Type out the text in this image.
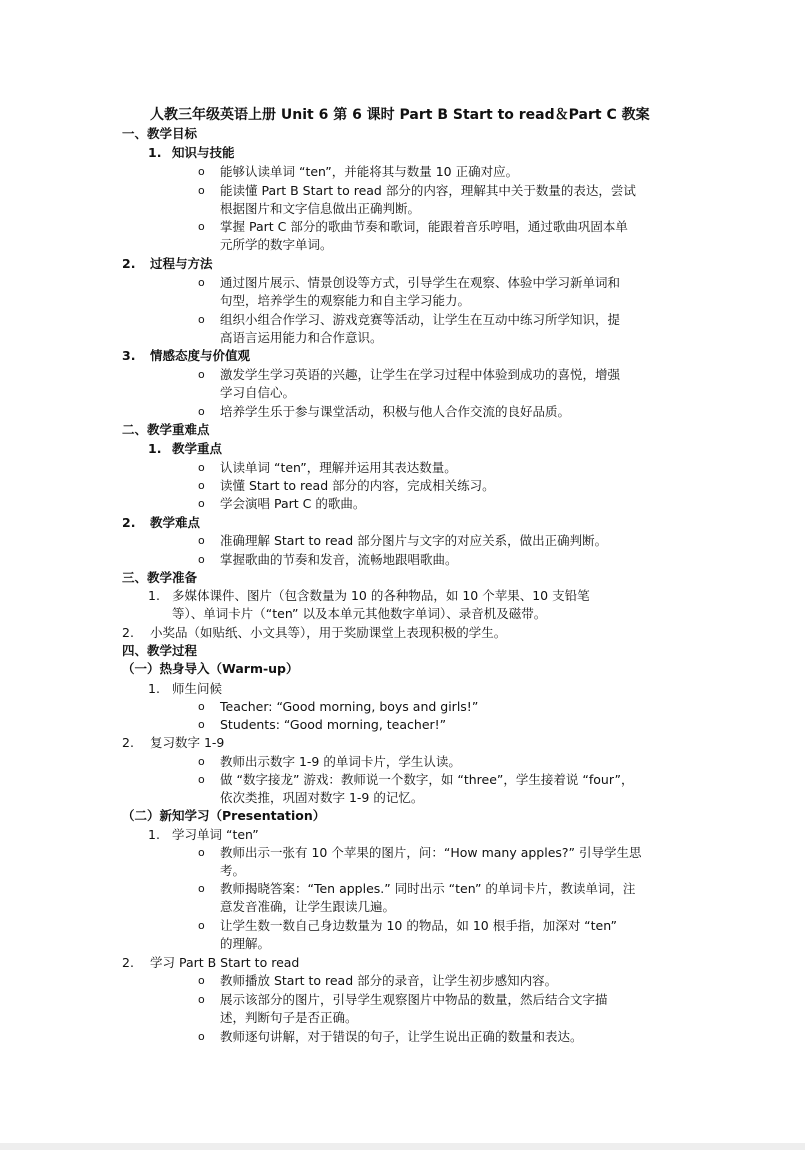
人教三年级英语上册 Unit 6 第 6 课时 Part B Start to read＆Part C 教案
一、教学目标
1. 知识与技能
o 能够认读单词 “ten”，并能将其与数量 10 正确对应。
o 能读懂 Part B Start to read 部分的内容，理解其中关于数量的表达，尝试
根据图片和文字信息做出正确判断。
o 掌握 Part C 部分的歌曲节奏和歌词，能跟着音乐哼唱，通过歌曲巩固本单
元所学的数字单词。
2. 过程与方法
o 通过图片展示、情景创设等方式，引导学生在观察、体验中学习新单词和
句型，培养学生的观察能力和自主学习能力。
o 组织小组合作学习、游戏竞赛等活动，让学生在互动中练习所学知识，提
高语言运用能力和合作意识。
3. 情感态度与价值观
o 激发学生学习英语的兴趣，让学生在学习过程中体验到成功的喜悦，增强
学习自信心。
o 培养学生乐于参与课堂活动，积极与他人合作交流的良好品质。
二、教学重难点
1. 教学重点
o 认读单词 “ten”，理解并运用其表达数量。
o 读懂 Start to read 部分的内容，完成相关练习。
o 学会演唱 Part C 的歌曲。
2. 教学难点
o 准确理解 Start to read 部分图片与文字的对应关系，做出正确判断。
o 掌握歌曲的节奏和发音，流畅地跟唱歌曲。
三、教学准备
1. 多媒体课件、图片（包含数量为 10 的各种物品，如 10 个苹果、10 支铅笔
等）、单词卡片（“ten” 以及本单元其他数字单词）、录音机及磁带。
2. 小奖品（如贴纸、小文具等），用于奖励课堂上表现积极的学生。
四、教学过程
（一）热身导入（Warm-up）
1. 师生问候
o Teacher: “Good morning, boys and girls!”
o Students: “Good morning, teacher!”
2. 复习数字 1-9
o 教师出示数字 1-9 的单词卡片，学生认读。
o 做 “数字接龙” 游戏：教师说一个数字，如 “three”，学生接着说 “four”，
依次类推，巩固对数字 1-9 的记忆。
（二）新知学习（Presentation）
1. 学习单词 “ten”
o 教师出示一张有 10 个苹果的图片，问：“How many apples?” 引导学生思
考。
o 教师揭晓答案：“Ten apples.” 同时出示 “ten” 的单词卡片，教读单词，注
意发音准确，让学生跟读几遍。
o 让学生数一数自己身边数量为 10 的物品，如 10 根手指，加深对 “ten”
的理解。
2. 学习 Part B Start to read
o 教师播放 Start to read 部分的录音，让学生初步感知内容。
o 展示该部分的图片，引导学生观察图片中物品的数量，然后结合文字描
述，判断句子是否正确。
o 教师逐句讲解，对于错误的句子，让学生说出正确的数量和表达。
